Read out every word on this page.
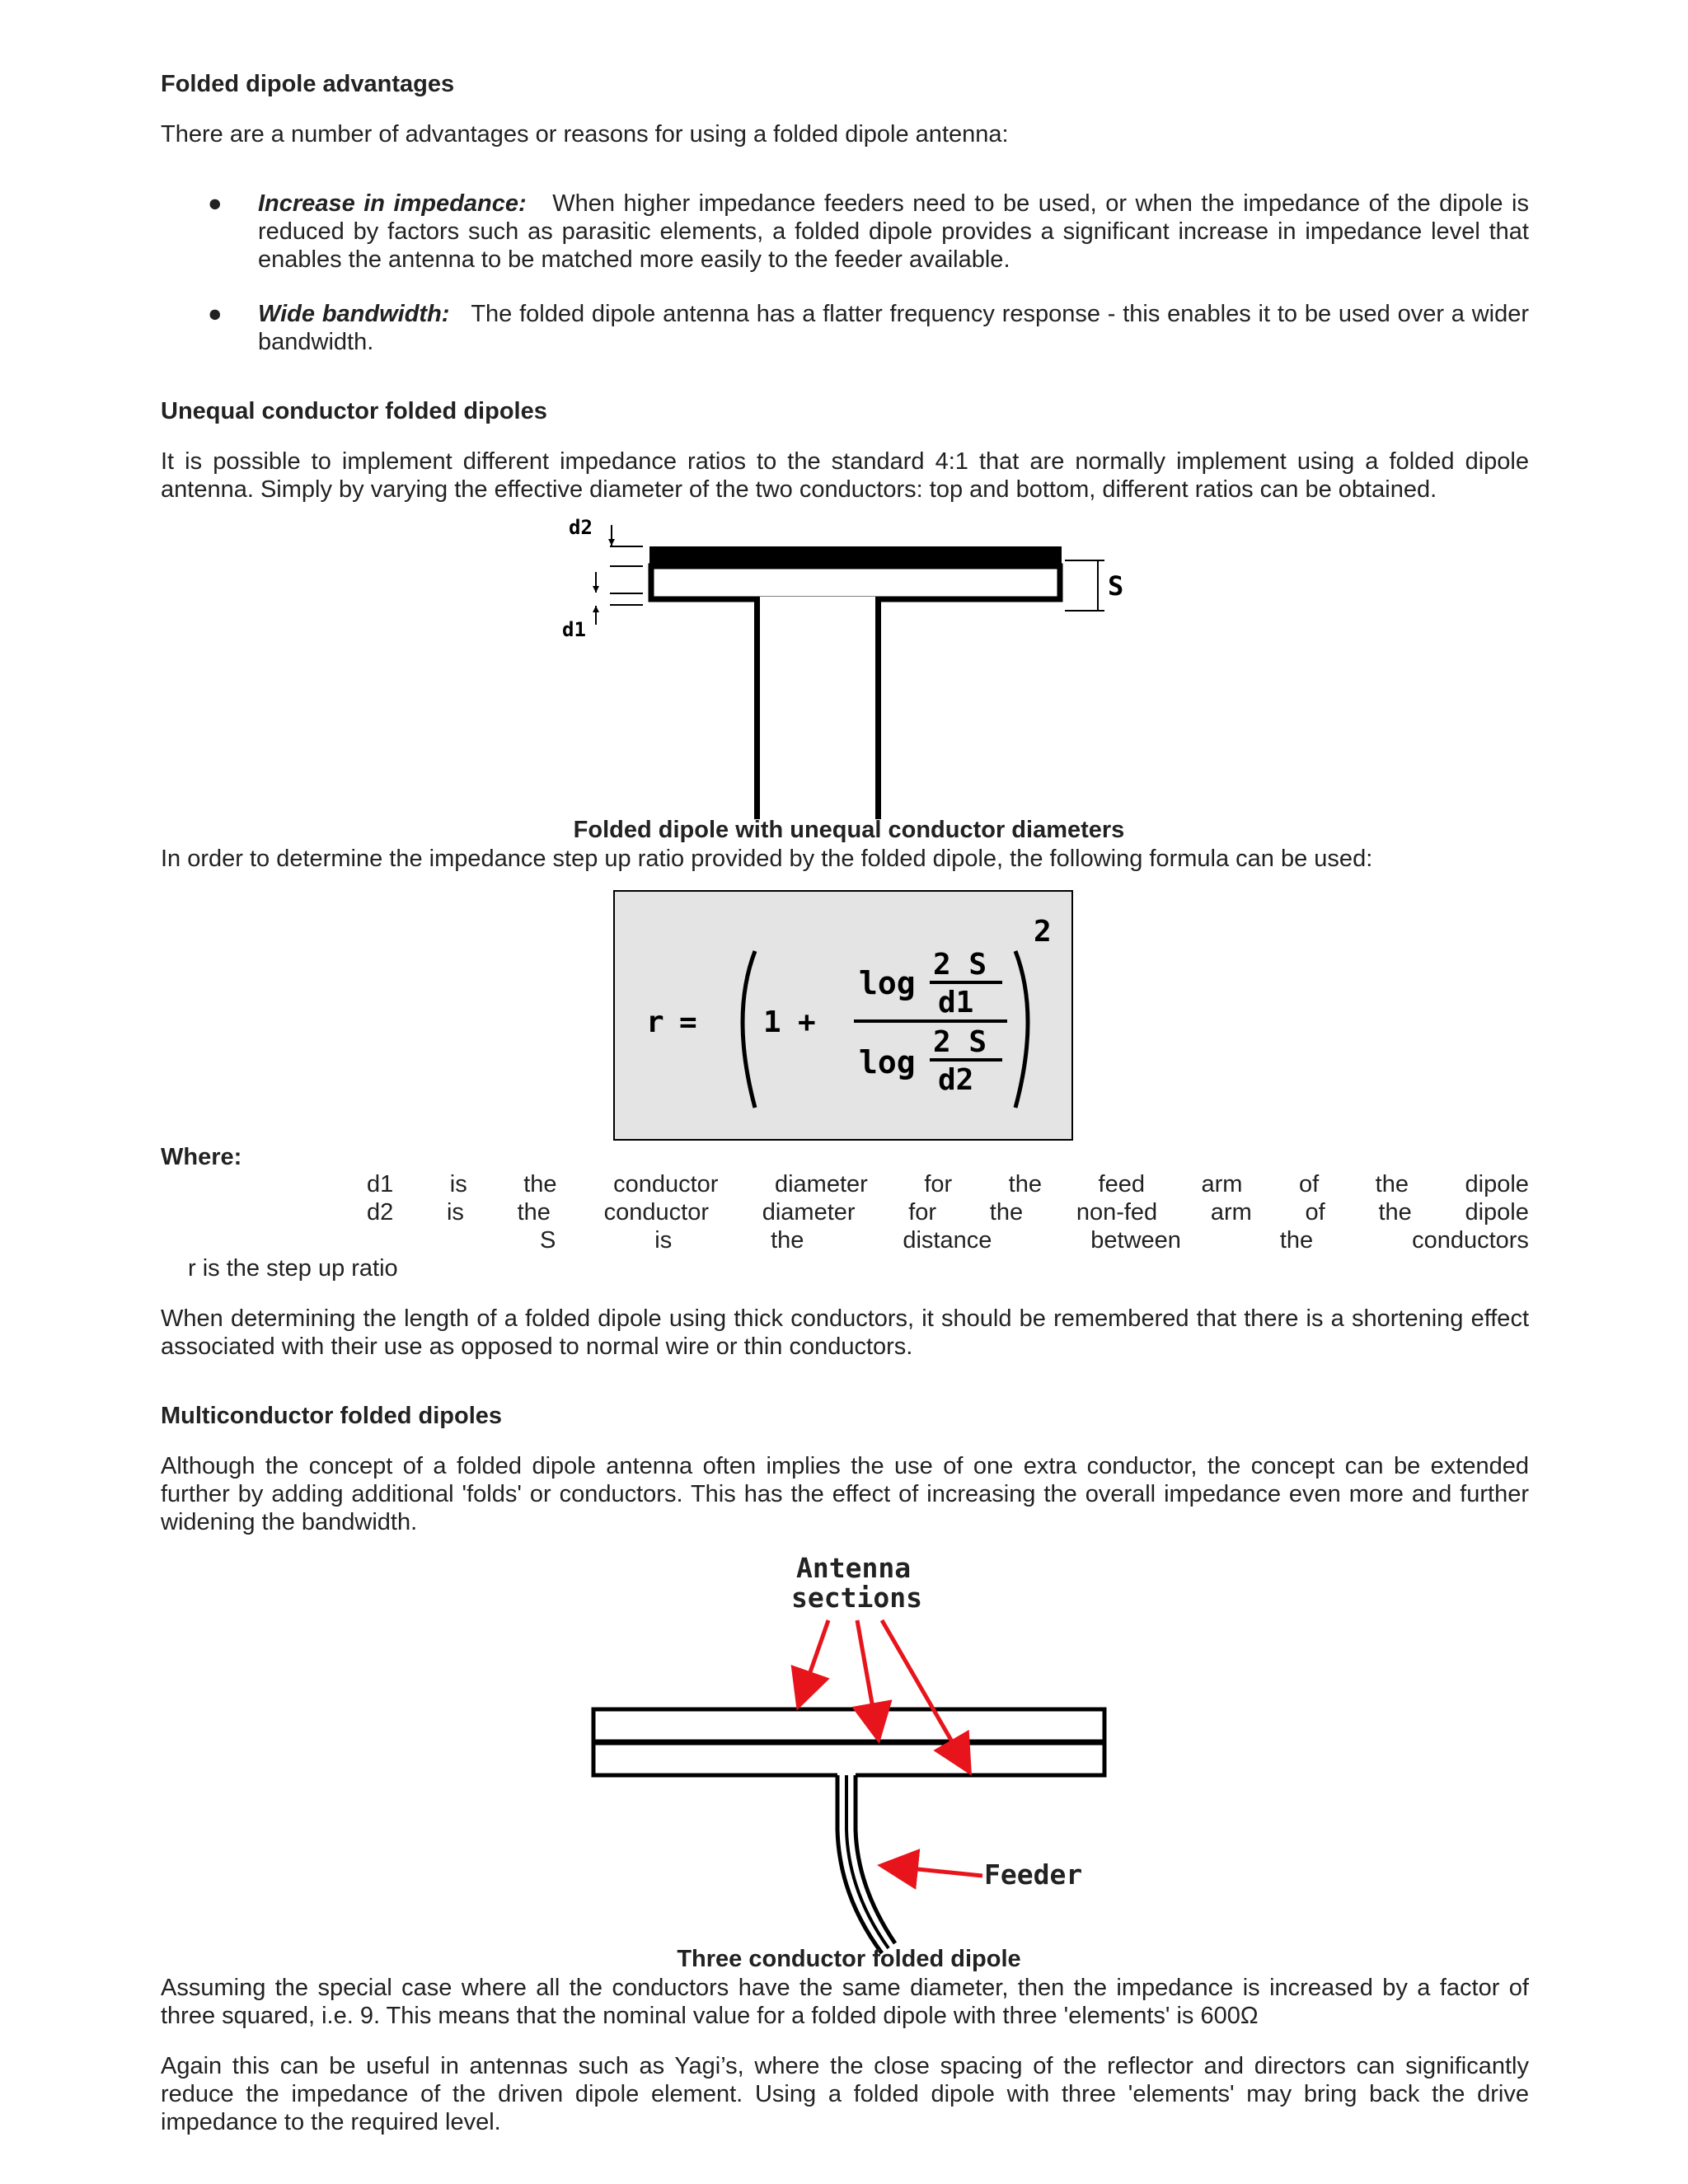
Folded dipole advantages
There are a number of advantages or reasons for using a folded dipole antenna:
● Increase in impedance: When higher impedance feeders need to be used, or when the impedance of the dipole is reduced by factors such as parasitic elements, a folded dipole provides a significant increase in impedance level that enables the antenna to be matched more easily to the feeder available.
● Wide bandwidth: The folded dipole antenna has a flatter frequency response - this enables it to be used over a wider bandwidth.
Unequal conductor folded dipoles
It is possible to implement different impedance ratios to the standard 4:1 that are normally implement using a folded dipole antenna. Simply by varying the effective diameter of the two conductors: top and bottom, different ratios can be obtained.
d2
d1
S
Folded dipole with unequal conductor diameters
In order to determine the impedance step up ratio provided by the folded dipole, the following formula can be used:
r = 1 +
log
2 S
d1
log
2 S
d2
2
Where:
d1 is the conductor diameter for the feed arm of the dipole
d2 is the conductor diameter for the non-fed arm of the dipole
S	is	the	distance	between	the	conductors
r is the step up ratio
When determining the length of a folded dipole using thick conductors, it should be remembered that there is a shortening effect associated with their use as opposed to normal wire or thin conductors.
Multiconductor folded dipoles
Although the concept of a folded dipole antenna often implies the use of one extra conductor, the concept can be extended further by adding additional 'folds' or conductors. This has the effect of increasing the overall impedance even more and further widening the bandwidth.
Antenna
sections
Feeder
Three conductor folded dipole
Assuming the special case where all the conductors have the same diameter, then the impedance is increased by a factor of three squared, i.e. 9. This means that the nominal value for a folded dipole with three 'elements' is 600Ω
Again this can be useful in antennas such as Yagi’s, where the close spacing of the reflector and directors can significantly reduce the impedance of the driven dipole element. Using a folded dipole with three 'elements' may bring back the drive impedance to the required level.
